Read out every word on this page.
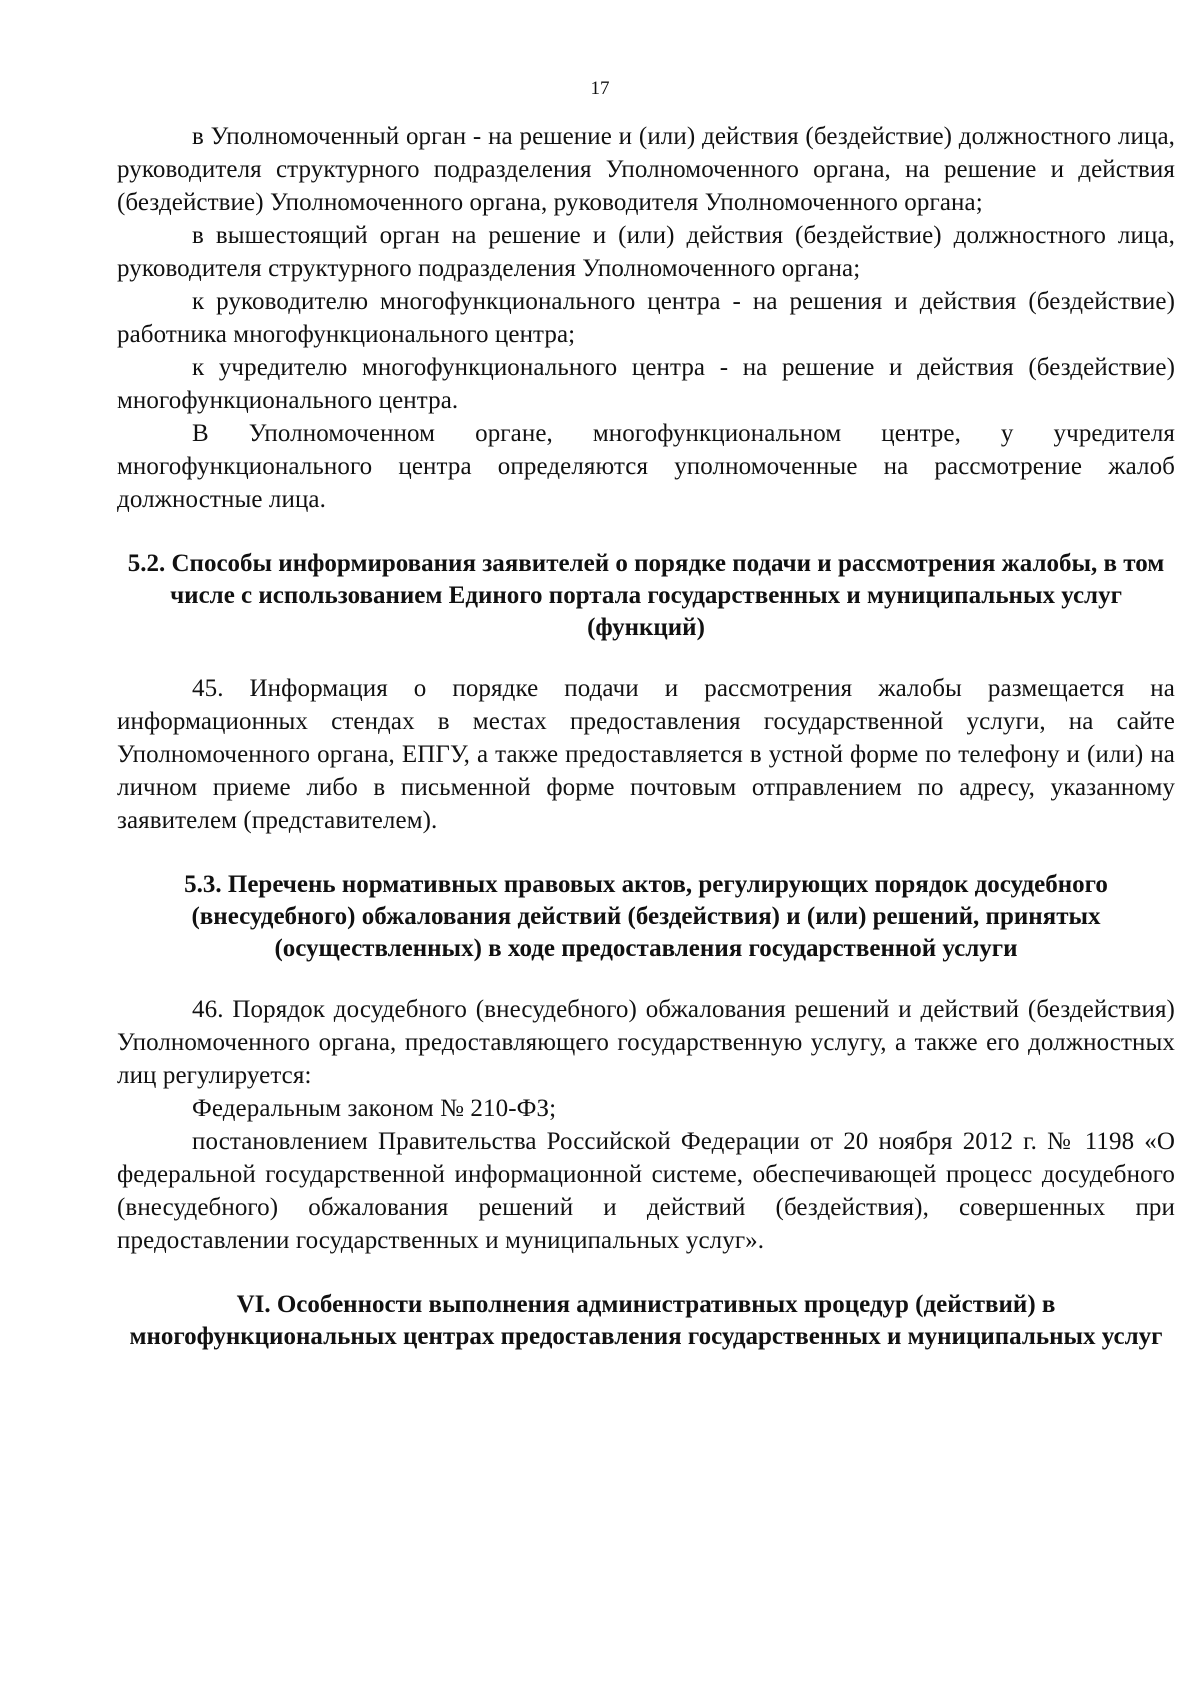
17

в Уполномоченный орган - на решение и (или) действия (бездействие) должностного лица, руководителя структурного подразделения Уполномоченного органа, на решение и действия (бездействие) Уполномоченного органа, руководителя Уполномоченного органа;

в вышестоящий орган на решение и (или) действия (бездействие) должностного лица, руководителя структурного подразделения Уполномоченного органа;

к руководителю многофункционального центра - на решения и действия (бездействие) работника многофункционального центра;

к учредителю многофункционального центра - на решение и действия (бездействие) многофункционального центра.

В Уполномоченном органе, многофункциональном центре, у учредителя многофункционального центра определяются уполномоченные на рассмотрение жалоб должностные лица.

5.2. Способы информирования заявителей о порядке подачи и рассмотрения жалобы, в том числе с использованием Единого портала государственных и муниципальных услуг (функций)

45. Информация о порядке подачи и рассмотрения жалобы размещается на информационных стендах в местах предоставления государственной услуги, на сайте Уполномоченного органа, ЕПГУ, а также предоставляется в устной форме по телефону и (или) на личном приеме либо в письменной форме почтовым отправлением по адресу, указанному заявителем (представителем).

5.3. Перечень нормативных правовых актов, регулирующих порядок досудебного (внесудебного) обжалования действий (бездействия) и (или) решений, принятых (осуществленных) в ходе предоставления государственной услуги

46. Порядок досудебного (внесудебного) обжалования решений и действий (бездействия) Уполномоченного органа, предоставляющего государственную услугу, а также его должностных лиц регулируется:

Федеральным законом № 210-ФЗ;

постановлением Правительства Российской Федерации от 20 ноября 2012 г. № 1198 «О федеральной государственной информационной системе, обеспечивающей процесс досудебного (внесудебного) обжалования решений и действий (бездействия), совершенных при предоставлении государственных и муниципальных услуг».

VI. Особенности выполнения административных процедур (действий) в многофункциональных центрах предоставления государственных и муниципальных услуг
